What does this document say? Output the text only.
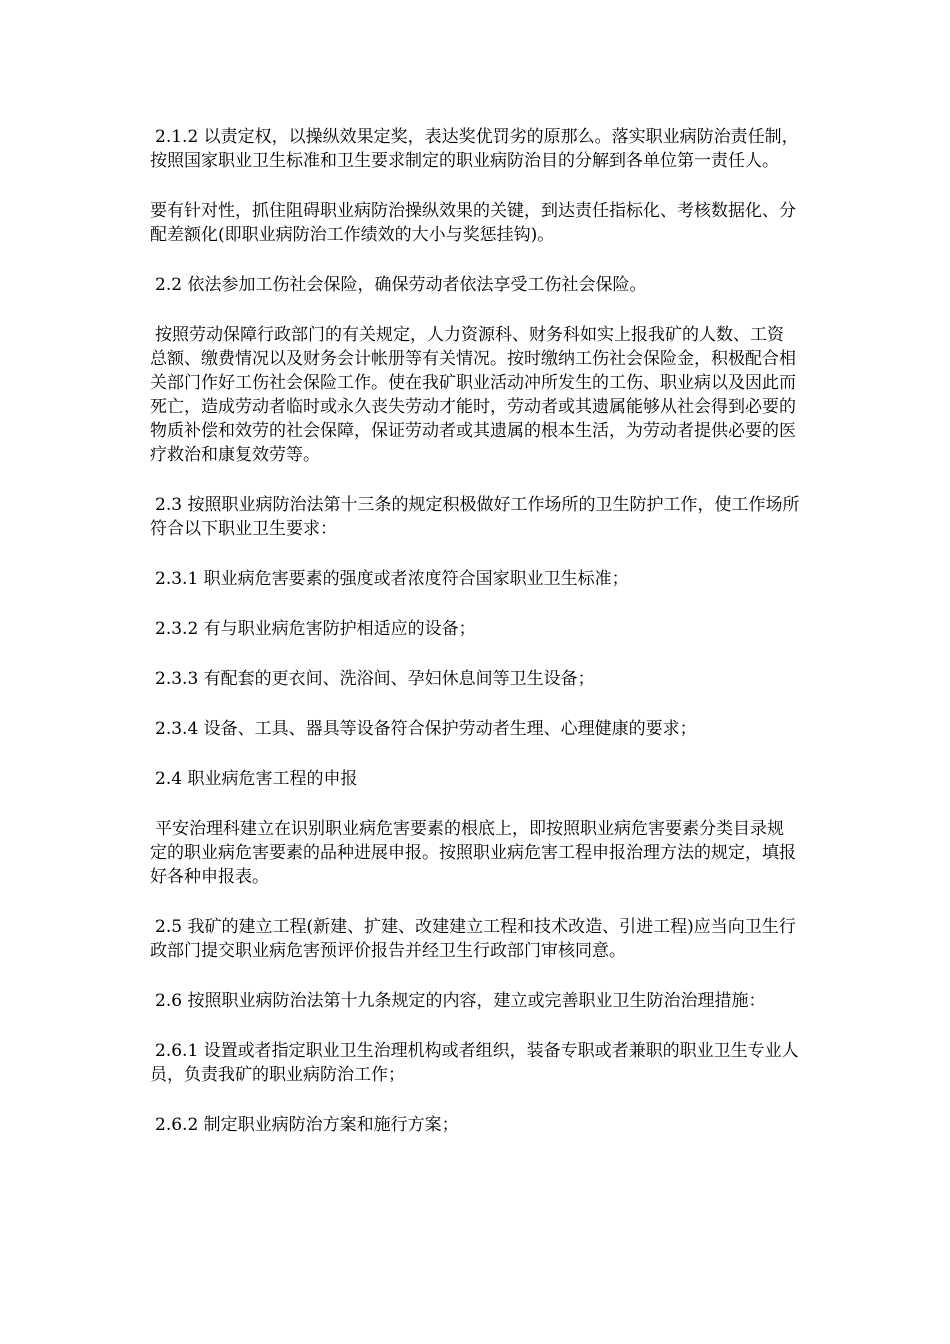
2.1.2 以责定权，以操纵效果定奖，表达奖优罚劣的原那么。落实职业病防治责任制，按照国家职业卫生标准和卫生要求制定的职业病防治目的分解到各单位第一责任人。

要有针对性，抓住阻碍职业病防治操纵效果的关键，到达责任指标化、考核数据化、分配差额化(即职业病防治工作绩效的大小与奖惩挂钩)。

2.2 依法参加工伤社会保险，确保劳动者依法享受工伤社会保险。

按照劳动保障行政部门的有关规定，人力资源科、财务科如实上报我矿的人数、工资总额、缴费情况以及财务会计帐册等有关情况。按时缴纳工伤社会保险金，积极配合相关部门作好工伤社会保险工作。使在我矿职业活动冲所发生的工伤、职业病以及因此而死亡，造成劳动者临时或永久丧失劳动才能时，劳动者或其遗属能够从社会得到必要的物质补偿和效劳的社会保障，保证劳动者或其遗属的根本生活，为劳动者提供必要的医疗救治和康复效劳等。

2.3 按照职业病防治法第十三条的规定积极做好工作场所的卫生防护工作，使工作场所符合以下职业卫生要求：

2.3.1 职业病危害要素的强度或者浓度符合国家职业卫生标准；

2.3.2 有与职业病危害防护相适应的设备；

2.3.3 有配套的更衣间、洗浴间、孕妇休息间等卫生设备；

2.3.4 设备、工具、器具等设备符合保护劳动者生理、心理健康的要求；

2.4 职业病危害工程的申报

平安治理科建立在识别职业病危害要素的根底上，即按照职业病危害要素分类目录规定的职业病危害要素的品种进展申报。按照职业病危害工程申报治理方法的规定，填报好各种申报表。

2.5 我矿的建立工程(新建、扩建、改建建立工程和技术改造、引进工程)应当向卫生行政部门提交职业病危害预评价报告并经卫生行政部门审核同意。

2.6 按照职业病防治法第十九条规定的内容，建立或完善职业卫生防治治理措施：

2.6.1 设置或者指定职业卫生治理机构或者组织，装备专职或者兼职的职业卫生专业人员，负责我矿的职业病防治工作；

2.6.2 制定职业病防治方案和施行方案；
